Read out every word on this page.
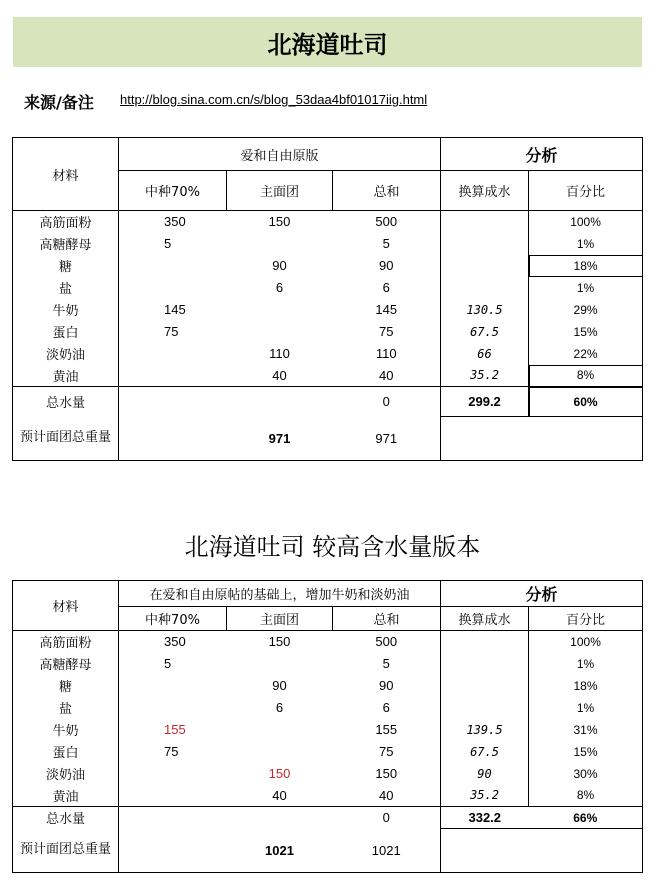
北海道吐司
来源/备注 http://blog.sina.com.cn/s/blog_53daa4bf01017iig.html
材料	爱和自由原版			分析	
	中种70%	主面团	总和	换算成水	百分比
高筋面粉	350	150	500		100%
高糖酵母	5		5		1%
糖		90	90		18%
盐		6	6		1%
牛奶	145		145	130.5	29%
蛋白	75		75	67.5	15%
淡奶油		110	110	66	22%
黄油		40	40	35.2	8%
总水量			0	299.2	60%
预计面团总重量		971	971		
北海道吐司 较高含水量版本
材料	在爱和自由原帖的基础上，增加牛奶和淡奶油			分析	
	中种70%	主面团	总和	换算成水	百分比
高筋面粉	350	150	500		100%
高糖酵母	5		5		1%
糖		90	90		18%
盐		6	6		1%
牛奶	155		155	139.5	31%
蛋白	75		75	67.5	15%
淡奶油		150	150	90	30%
黄油		40	40	35.2	8%
总水量			0	332.2	66%
预计面团总重量		1021	1021		
